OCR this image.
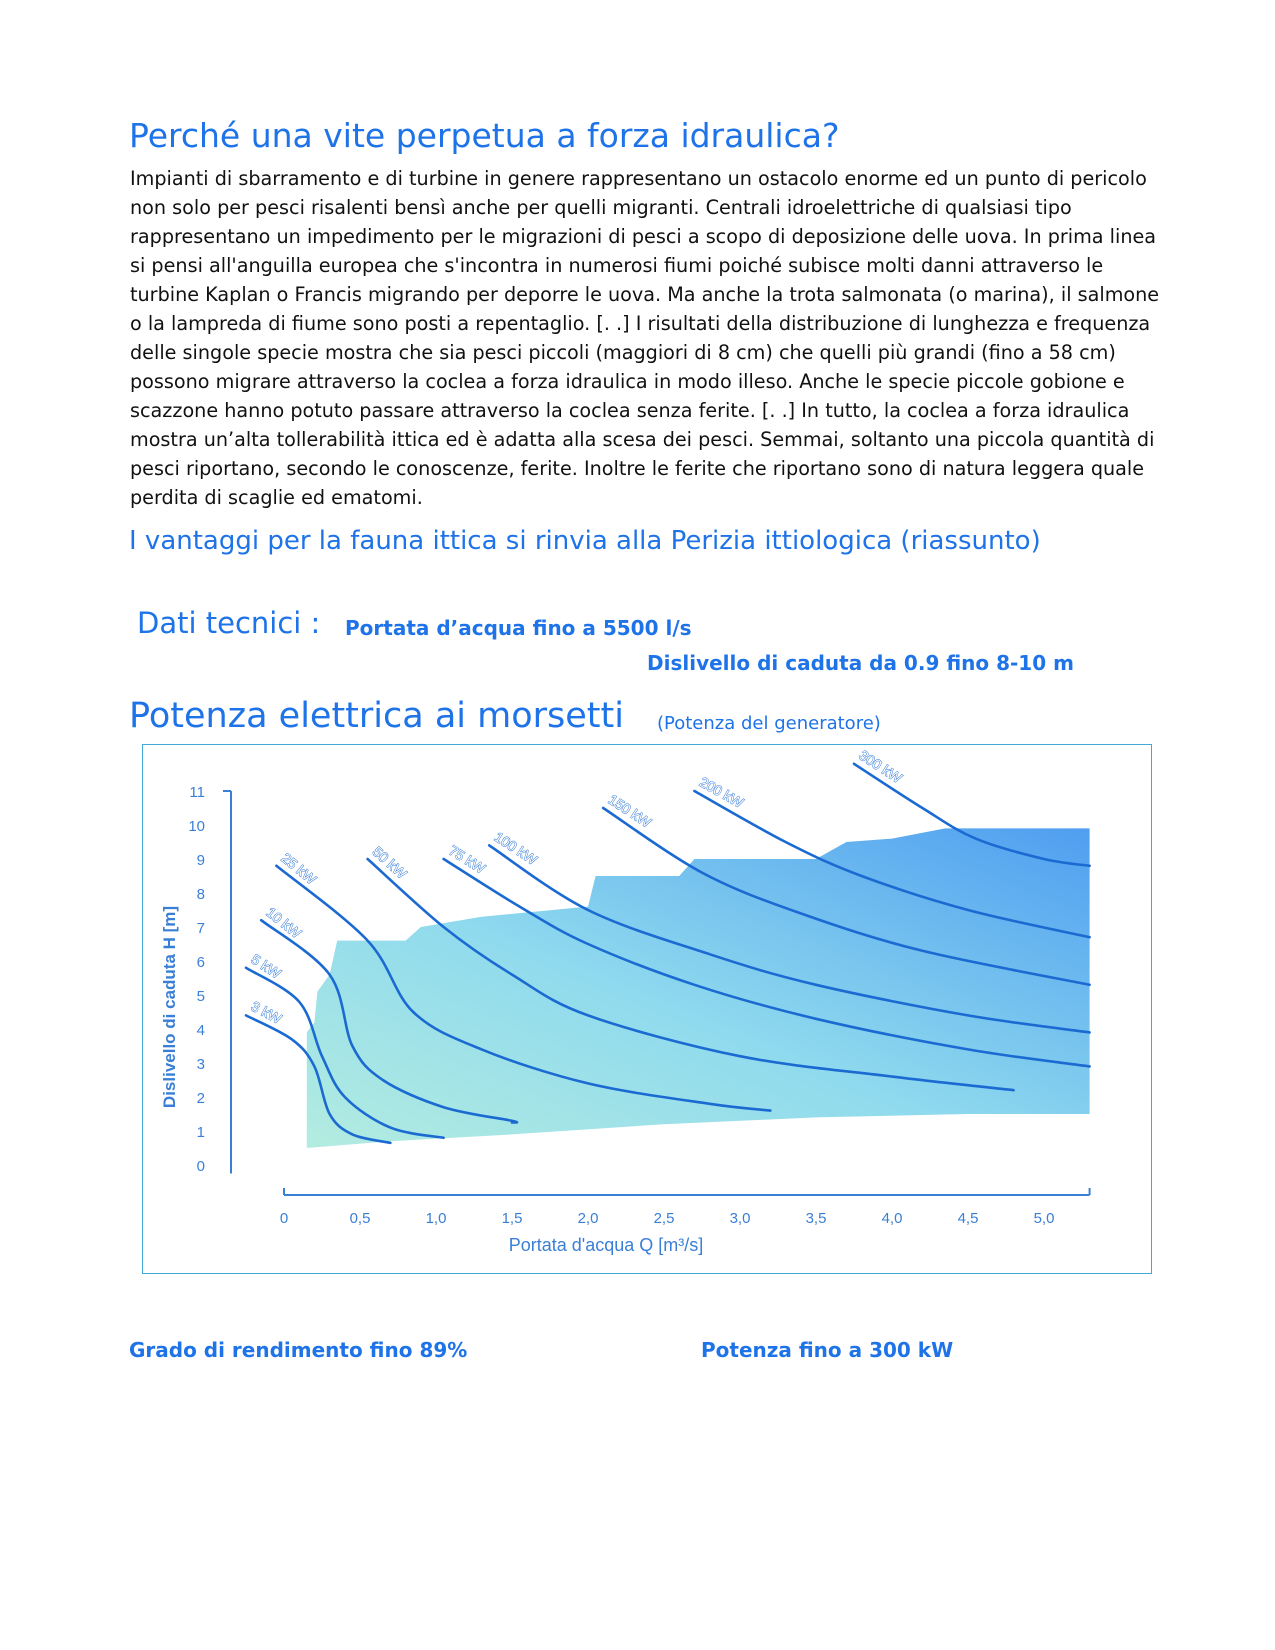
Perché una vite perpetua a forza idraulica?
Impianti di sbarramento e di turbine in genere rappresentano un ostacolo enorme ed un punto di pericolo non solo per pesci risalenti bensì anche per quelli migranti. Centrali idroelettriche di qualsiasi tipo rappresentano un impedimento per le migrazioni di pesci a scopo di deposizione delle uova. In prima linea si pensi all'anguilla europea che s'incontra in numerosi fiumi poiché subisce molti danni attraverso le turbine Kaplan o Francis migrando per deporre le uova. Ma anche la trota salmonata (o marina), il salmone o la lampreda di fiume sono posti a repentaglio. [. .] I risultati della distribuzione di lunghezza e frequenza delle singole specie mostra che sia pesci piccoli (maggiori di 8 cm) che quelli più grandi (fino a 58 cm) possono migrare attraverso la coclea a forza idraulica in modo illeso. Anche le specie piccole gobione e scazzone hanno potuto passare attraverso la coclea senza ferite. [. .] In tutto, la coclea a forza idraulica mostra un’alta tollerabilità ittica ed è adatta alla scesa dei pesci. Semmai, soltanto una piccola quantità di pesci riportano, secondo le conoscenze, ferite. Inoltre le ferite che riportano sono di natura leggera quale perdita di scaglie ed ematomi.
I vantaggi per la fauna ittica si rinvia alla Perizia ittiologica (riassunto)
Dati tecnici : Portata d’acqua fino a 5500 l/s
Dislivello di caduta da 0.9 fino 8-10 m
Potenza elettrica ai morsetti (Potenza del generatore)
0
1
2
3
4
5
6
7
8
9
10
11
0	0,5	1,0	1,5	2,0	2,5	3,0	3,5	4,0	4,5	5,0
3 kW
5 kW
10 kW
25 kW	50 kW	75 kW 100 kW
150 kW	200 kW
300 kW
Portata d'acqua Q [m³/s]
Dislivello di caduta H [m]
Grado di rendimento fino 89%	Potenza fino a 300 kW
